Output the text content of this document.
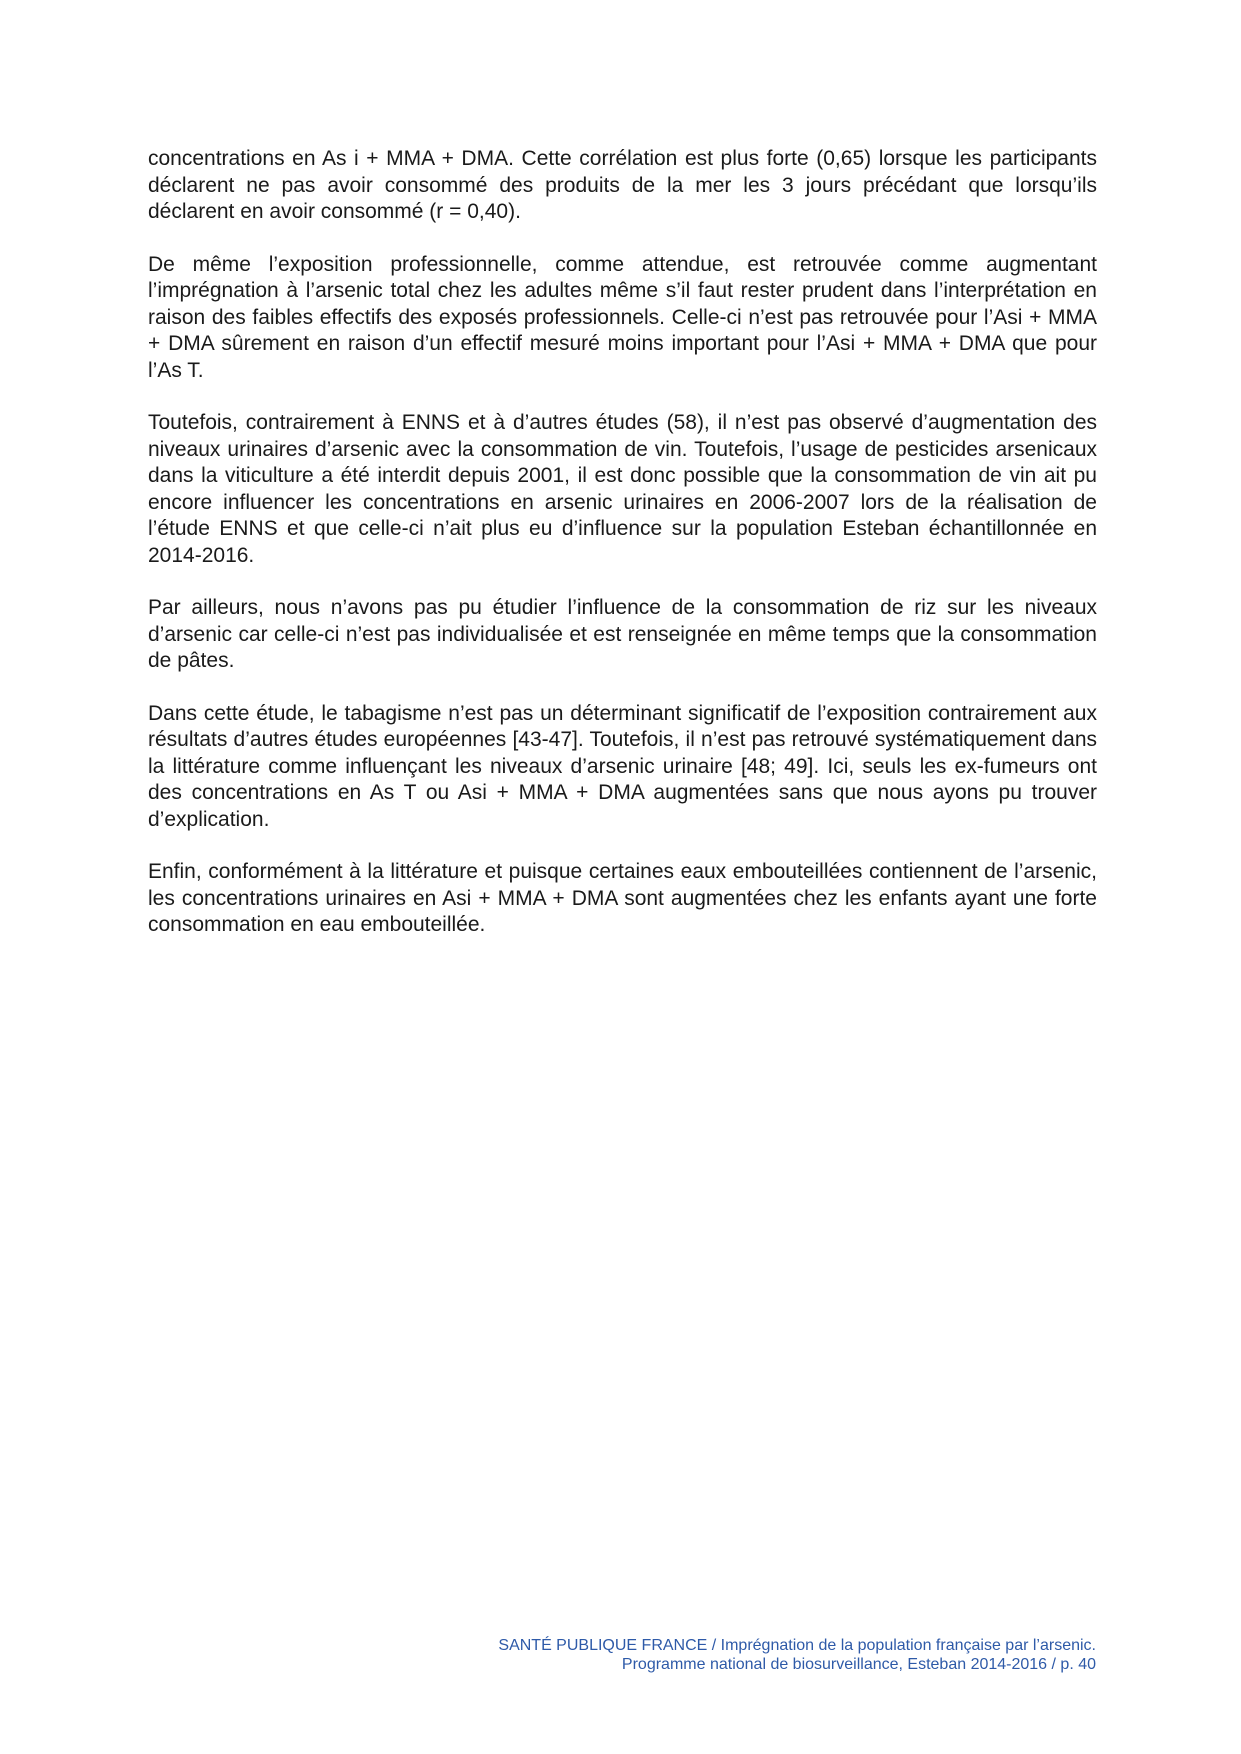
concentrations en As i + MMA + DMA. Cette corrélation est plus forte (0,65) lorsque les participants déclarent ne pas avoir consommé des produits de la mer les 3 jours précédant que lorsqu’ils déclarent en avoir consommé (r = 0,40).

De même l’exposition professionnelle, comme attendue, est retrouvée comme augmentant l’imprégnation à l’arsenic total chez les adultes même s’il faut rester prudent dans l’interprétation en raison des faibles effectifs des exposés professionnels. Celle-ci n’est pas retrouvée pour l’Asi + MMA + DMA sûrement en raison d’un effectif mesuré moins important pour l’Asi + MMA + DMA que pour l’As T.

Toutefois, contrairement à ENNS et à d’autres études (58), il n’est pas observé d’augmentation des niveaux urinaires d’arsenic avec la consommation de vin. Toutefois, l’usage de pesticides arsenicaux dans la viticulture a été interdit depuis 2001, il est donc possible que la consommation de vin ait pu encore influencer les concentrations en arsenic urinaires en 2006-2007 lors de la réalisation de l’étude ENNS et que celle-ci n’ait plus eu d’influence sur la population Esteban échantillonnée en 2014-2016.

Par ailleurs, nous n’avons pas pu étudier l’influence de la consommation de riz sur les niveaux d’arsenic car celle-ci n’est pas individualisée et est renseignée en même temps que la consommation de pâtes.

Dans cette étude, le tabagisme n’est pas un déterminant significatif de l’exposition contrairement aux résultats d’autres études européennes [43-47]. Toutefois, il n’est pas retrouvé systématiquement dans la littérature comme influençant les niveaux d’arsenic urinaire [48; 49]. Ici, seuls les ex-fumeurs ont des concentrations en As T ou Asi + MMA + DMA augmentées sans que nous ayons pu trouver d’explication.

Enfin, conformément à la littérature et puisque certaines eaux embouteillées contiennent de l’arsenic, les concentrations urinaires en Asi + MMA + DMA sont augmentées chez les enfants ayant une forte consommation en eau embouteillée.

SANTÉ PUBLIQUE FRANCE / Imprégnation de la population française par l’arsenic.
Programme national de biosurveillance, Esteban 2014-2016 / p. 40
